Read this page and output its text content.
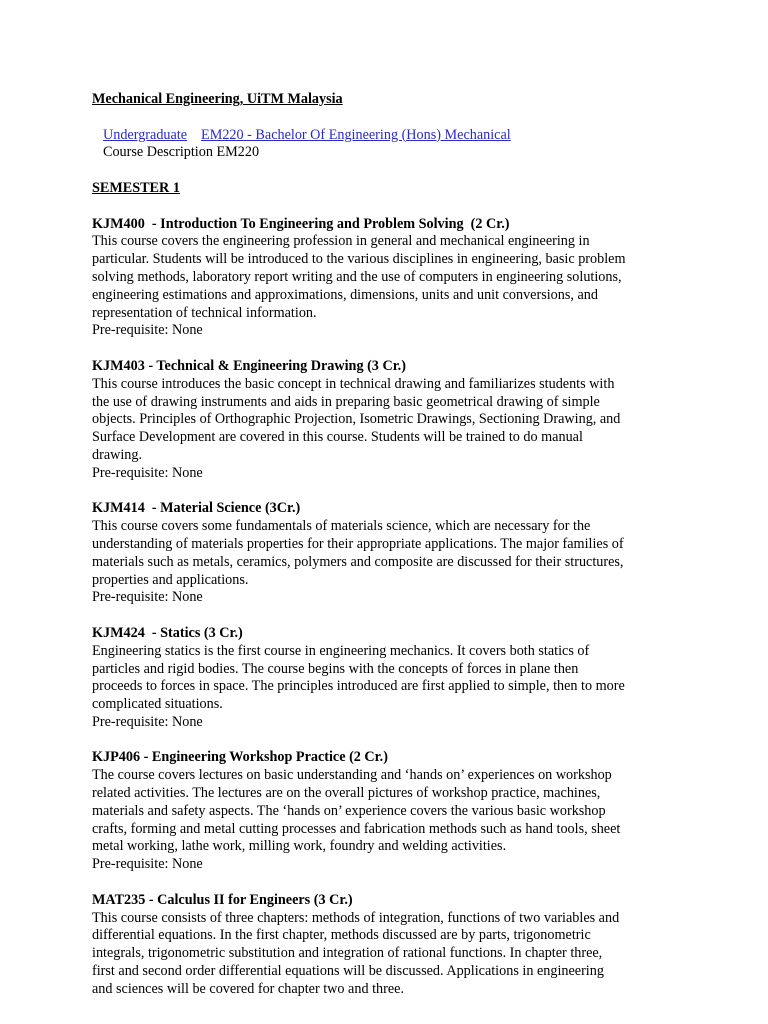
Mechanical Engineering, UiTM Malaysia
Undergraduate EM220 - Bachelor Of Engineering (Hons) Mechanical
Course Description EM220
SEMESTER 1
KJM400  - Introduction To Engineering and Problem Solving  (2 Cr.)
This course covers the engineering profession in general and mechanical engineering in
particular. Students will be introduced to the various disciplines in engineering, basic problem
solving methods, laboratory report writing and the use of computers in engineering solutions,
engineering estimations and approximations, dimensions, units and unit conversions, and
representation of technical information.
Pre-requisite: None
KJM403 - Technical & Engineering Drawing (3 Cr.)
This course introduces the basic concept in technical drawing and familiarizes students with
the use of drawing instruments and aids in preparing basic geometrical drawing of simple
objects. Principles of Orthographic Projection, Isometric Drawings, Sectioning Drawing, and
Surface Development are covered in this course. Students will be trained to do manual
drawing.
Pre-requisite: None
KJM414  - Material Science (3Cr.)
This course covers some fundamentals of materials science, which are necessary for the
understanding of materials properties for their appropriate applications. The major families of
materials such as metals, ceramics, polymers and composite are discussed for their structures,
properties and applications.
Pre-requisite: None
KJM424  - Statics (3 Cr.)
Engineering statics is the first course in engineering mechanics. It covers both statics of
particles and rigid bodies. The course begins with the concepts of forces in plane then
proceeds to forces in space. The principles introduced are first applied to simple, then to more
complicated situations.
Pre-requisite: None
KJP406 - Engineering Workshop Practice (2 Cr.)
The course covers lectures on basic understanding and ‘hands on’ experiences on workshop
related activities. The lectures are on the overall pictures of workshop practice, machines,
materials and safety aspects. The ‘hands on’ experience covers the various basic workshop
crafts, forming and metal cutting processes and fabrication methods such as hand tools, sheet
metal working, lathe work, milling work, foundry and welding activities.
Pre-requisite: None
MAT235 - Calculus II for Engineers (3 Cr.)
This course consists of three chapters: methods of integration, functions of two variables and
differential equations. In the first chapter, methods discussed are by parts, trigonometric
integrals, trigonometric substitution and integration of rational functions. In chapter three,
first and second order differential equations will be discussed. Applications in engineering
and sciences will be covered for chapter two and three.
